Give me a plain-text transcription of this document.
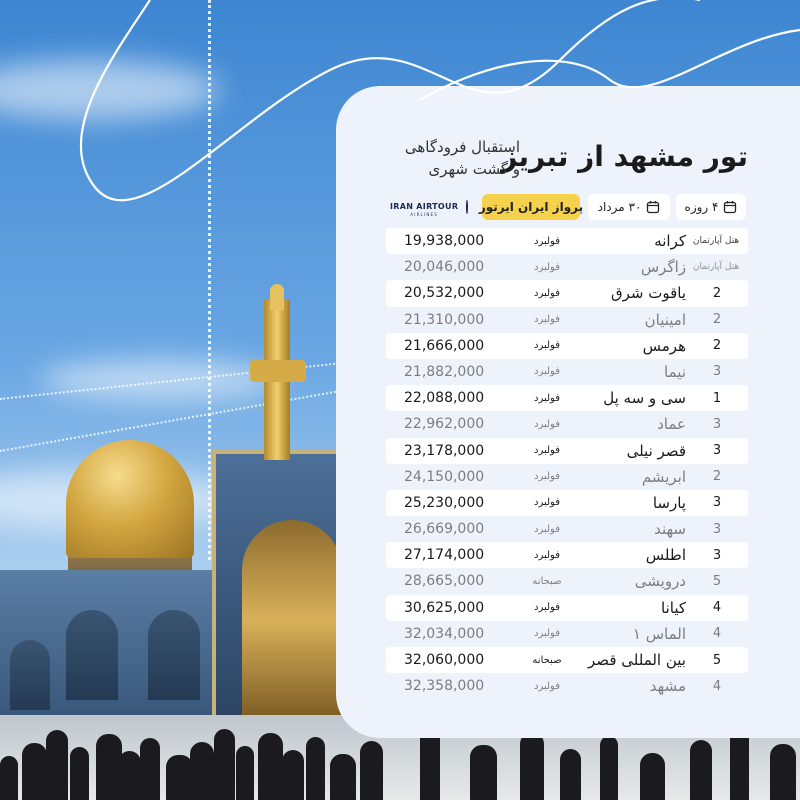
تور مشهد از تبریز
استقبال فرودگاهی
و گشت شهری
۴ روزه
۳۰ مرداد
پرواز ایران ایرتور
IRAN AIRTOUR
AIRLINES
19,938,000	فولبرد	کرانه هتل آپارتمان
20,046,000	فولبرد	زاگرس هتل آپارتمان
20,532,000	فولبرد	یاقوت شرق	2
21,310,000	فولبرد	امینیان	2
21,666,000	فولبرد	هرمس	2
21,882,000	فولبرد	نیما	3
22,088,000	فولبرد	سی و سه پل	1
22,962,000	فولبرد	عماد	3
23,178,000	فولبرد	قصر نیلی	3
24,150,000	فولبرد	ابریشم	2
25,230,000	فولبرد	پارسا	3
26,669,000	فولبرد	سهند	3
27,174,000	فولبرد	اطلس	3
28,665,000	صبحانه	درویشی	5
30,625,000	فولبرد	کیانا	4
32,034,000	فولبرد	الماس ۱	4
32,060,000	صبحانه	بین المللی قصر	5
32,358,000	فولبرد	مشهد	4
